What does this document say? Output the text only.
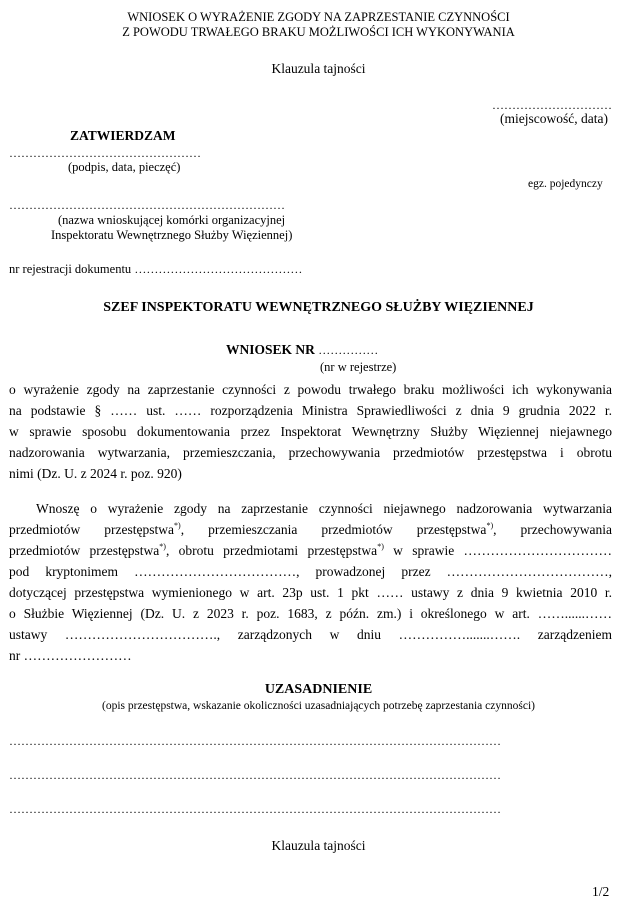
WNIOSEK O WYRAŻENIE ZGODY NA ZAPRZESTANIE CZYNNOŚCI
Z POWODU TRWAŁEGO BRAKU MOŻLIWOŚCI ICH WYKONYWANIA
Klauzula tajności
…………………………
(miejscowość, data)
ZATWIERDZAM
…………………………………………
(podpis, data, pieczęć)
egz. pojedynczy
……………………………………………………………
(nazwa wnioskującej komórki organizacyjnej
Inspektoratu Wewnętrznego Służby Więziennej)
nr rejestracji dokumentu ……………………………………
SZEF INSPEKTORATU WEWNĘTRZNEGO SŁUŻBY WIĘZIENNEJ
WNIOSEK NR ……………
(nr w rejestrze)
o wyrażenie zgody na zaprzestanie czynności z powodu trwałego braku możliwości ich wykonywania
na podstawie § …… ust. …… rozporządzenia Ministra Sprawiedliwości z dnia 9 grudnia 2022 r.
w sprawie sposobu dokumentowania przez Inspektorat Wewnętrzny Służby Więziennej niejawnego
nadzorowania wytwarzania, przemieszczania, przechowywania przedmiotów przestępstwa i obrotu
nimi (Dz. U. z 2024 r. poz. 920)
Wnoszę o wyrażenie zgody na zaprzestanie czynności niejawnego nadzorowania wytwarzania
przedmiotów przestępstwa*), przemieszczania przedmiotów przestępstwa*), przechowywania
przedmiotów przestępstwa*), obrotu przedmiotami przestępstwa*) w sprawie ……………………………
pod kryptonimem ………………………………, prowadzonej przez ………………………………,
dotyczącej przestępstwa wymienionego w art. 23p ust. 1 pkt …… ustawy z dnia 9 kwietnia 2010 r.
o Służbie Więziennej (Dz. U. z 2023 r. poz. 1683, z późn. zm.) i określonego w art. ……......……
ustawy ……………………………., zarządzonych w dniu …………….......……. zarządzeniem
nr ……………………
UZASADNIENIE
(opis przestępstwa, wskazanie okoliczności uzasadniających potrzebę zaprzestania czynności)
……………………………………………………………………………………………………………
……………………………………………………………………………………………………………
……………………………………………………………………………………………………………
Klauzula tajności
1/2
